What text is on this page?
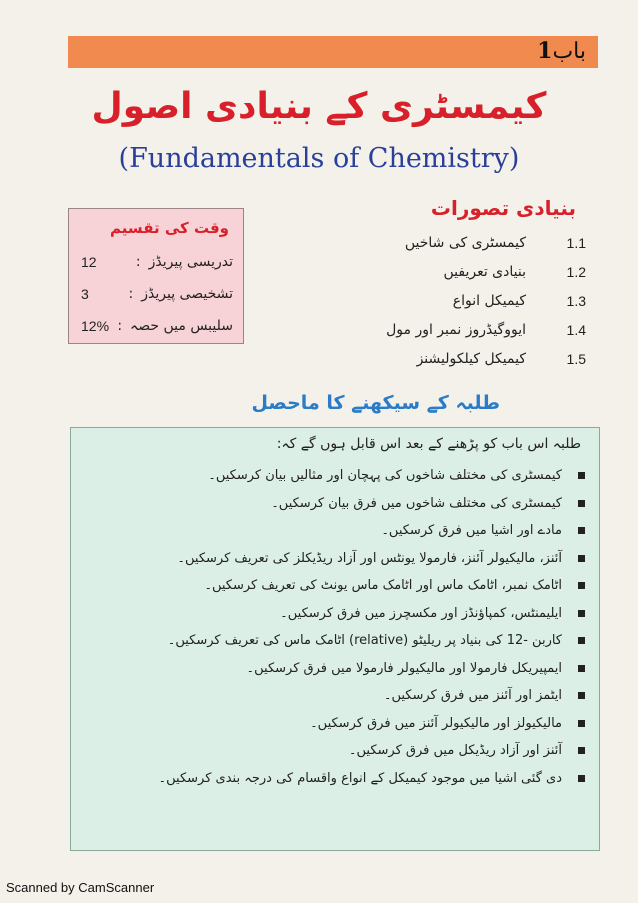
باب1
کیمسٹری کے بنیادی اصول
(Fundamentals of Chemistry)
بنیادی تصورات
1.1
کیمسٹری کی شاخیں
1.2
بنیادی تعریفیں
1.3
کیمیکل انواع
1.4
ایووگیڈروز نمبر اور مول
1.5
کیمیکل کیلکولیشنز
وقت کی تقسیم
تدریسی پیریڈز
:
12
تشخیصی پیریڈز
:
3
سلیبس میں حصہ
:
12%
طلبہ کے سیکھنے کا ماحصل
طلبہ اس باب کو پڑھنے کے بعد اس قابل ہوں گے کہ:
کیمسٹری کی مختلف شاخوں کی پہچان اور مثالیں بیان کرسکیں۔
کیمسٹری کی مختلف شاخوں میں فرق بیان کرسکیں۔
مادے اور اشیا میں فرق کرسکیں۔
آئنز، مالیکیولر آئنز، فارمولا یونٹس اور آزاد ریڈیکلز کی تعریف کرسکیں۔
اٹامک نمبر، اٹامک ماس اور اٹامک ماس یونٹ کی تعریف کرسکیں۔
ایلیمنٹس، کمپاؤنڈز اور مکسچرز میں فرق کرسکیں۔
کاربن -12 کی بنیاد پر ریلیٹو (relative) اٹامک ماس کی تعریف کرسکیں۔
ایمپیریکل فارمولا اور مالیکیولر فارمولا میں فرق کرسکیں۔
ایٹمز اور آئنز میں فرق کرسکیں۔
مالیکیولز اور مالیکیولر آئنز میں فرق کرسکیں۔
آئنز اور آزاد ریڈیکل میں فرق کرسکیں۔
دی گئی اشیا میں موجود کیمیکل کے انواع واقسام کی درجہ بندی کرسکیں۔
Scanned by CamScanner
